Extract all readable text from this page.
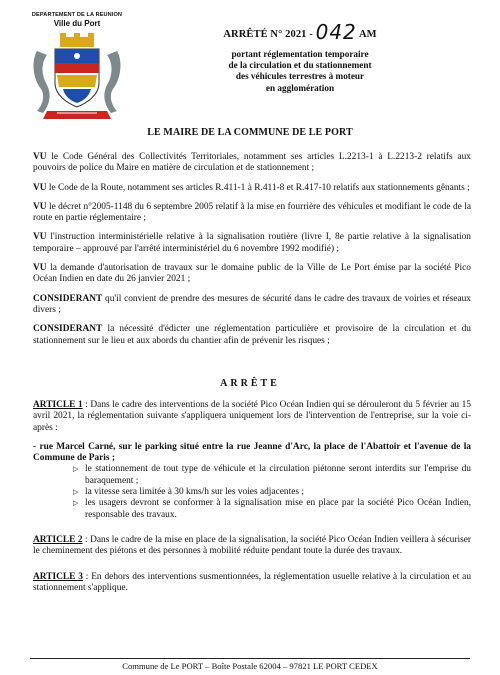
DEPARTEMENT DE LA REUNION
Ville du Port
ARRÊTÉ N° 2021 - 042 AM
portant réglementation temporaire
de la circulation et du stationnement
des véhicules terrestres à moteur
en agglomération
LE MAIRE DE LA COMMUNE DE LE PORT

VU le Code Général des Collectivités Territoriales, notamment ses articles L.2213-1 à L.2213-2 relatifs aux pouvoirs de police du Maire en matière de circulation et de stationnement ;

VU le Code de la Route, notamment ses articles R.411-1 à R.411-8 et R.417-10 relatifs aux stationnements gênants ;

VU le décret n°2005-1148 du 6 septembre 2005 relatif à la mise en fourrière des véhicules et modifiant le code de la route en partie réglementaire ;

VU l'instruction interministérielle relative à la signalisation routière (livre I, 8e partie relative à la signalisation temporaire – approuvé par l'arrêté interministériel du 6 novembre 1992 modifié) ;

VU la demande d'autorisation de travaux sur le domaine public de la Ville de Le Port émise par la société Pico Océan Indien en date du 26 janvier 2021 ;

CONSIDERANT qu'il convient de prendre des mesures de sécurité dans le cadre des travaux de voiries et réseaux divers ;

CONSIDERANT la nécessité d'édicter une réglementation particulière et provisoire de la circulation et du stationnement sur le lieu et aux abords du chantier afin de prévenir les risques ;

ARRÊTE

ARTICLE 1 : Dans le cadre des interventions de la société Pico Océan Indien qui se dérouleront du 5 février au 15 avril 2021, la réglementation suivante s'appliquera uniquement lors de l'intervention de l'entreprise, sur la voie ci-après :

- rue Marcel Carné, sur le parking situé entre la rue Jeanne d'Arc, la place de l'Abattoir et l'avenue de la Commune de Paris ;

▷ le stationnement de tout type de véhicule et la circulation piétonne seront interdits sur l'emprise du baraquement ;
▷ la vitesse sera limitée à 30 kms/h sur les voies adjacentes ;
▷ les usagers devront se conformer à la signalisation mise en place par la société Pico Océan Indien, responsable des travaux.

ARTICLE 2 : Dans le cadre de la mise en place de la signalisation, la société Pico Océan Indien veillera à sécuriser le cheminement des piétons et des personnes à mobilité réduite pendant toute la durée des travaux.

ARTICLE 3 : En dehors des interventions susmentionnées, la réglementation usuelle relative à la circulation et au stationnement s'applique.

Commune de Le PORT – Boîte Postale 62004 – 97821 LE PORT CEDEX
